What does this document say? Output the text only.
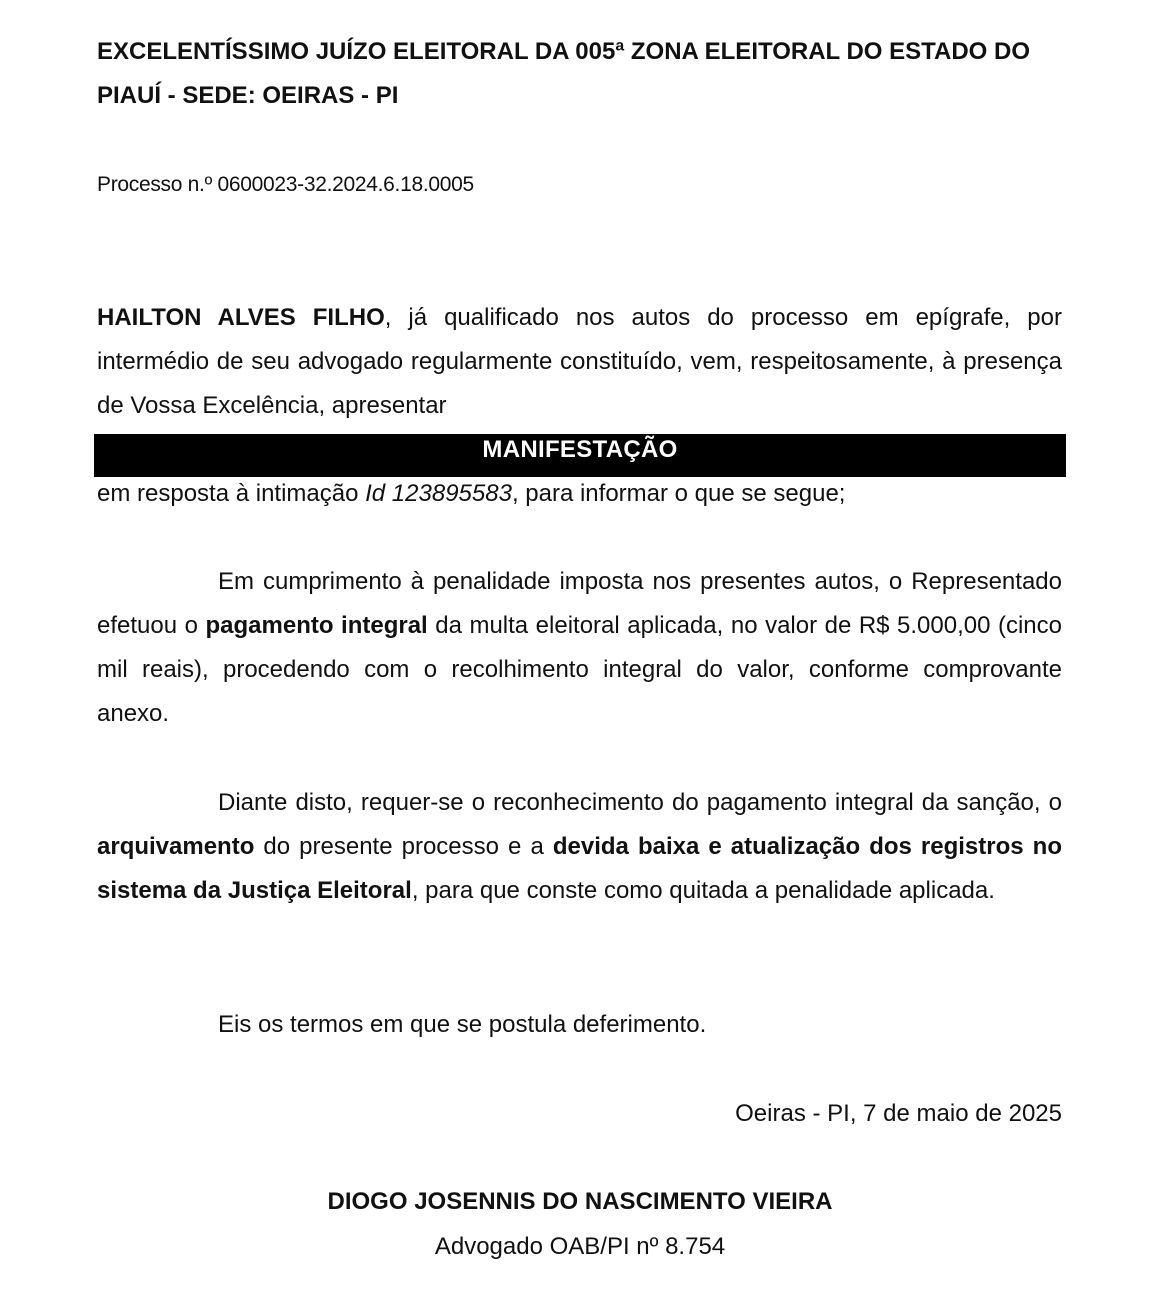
EXCELENTÍSSIMO JUÍZO ELEITORAL DA 005ª ZONA ELEITORAL DO ESTADO DO PIAUÍ - SEDE: OEIRAS - PI
Processo n.º 0600023-32.2024.6.18.0005
HAILTON ALVES FILHO, já qualificado nos autos do processo em epígrafe, por intermédio de seu advogado regularmente constituído, vem, respeitosamente, à presença de Vossa Excelência, apresentar
MANIFESTAÇÃO
em resposta à intimação Id 123895583, para informar o que se segue;
Em cumprimento à penalidade imposta nos presentes autos, o Representado efetuou o pagamento integral da multa eleitoral aplicada, no valor de R$ 5.000,00 (cinco mil reais), procedendo com o recolhimento integral do valor, conforme comprovante anexo.
Diante disto, requer-se o reconhecimento do pagamento integral da sanção, o arquivamento do presente processo e a devida baixa e atualização dos registros no sistema da Justiça Eleitoral, para que conste como quitada a penalidade aplicada.
Eis os termos em que se postula deferimento.
Oeiras - PI, 7 de maio de 2025
DIOGO JOSENNIS DO NASCIMENTO VIEIRA
Advogado OAB/PI nº 8.754
